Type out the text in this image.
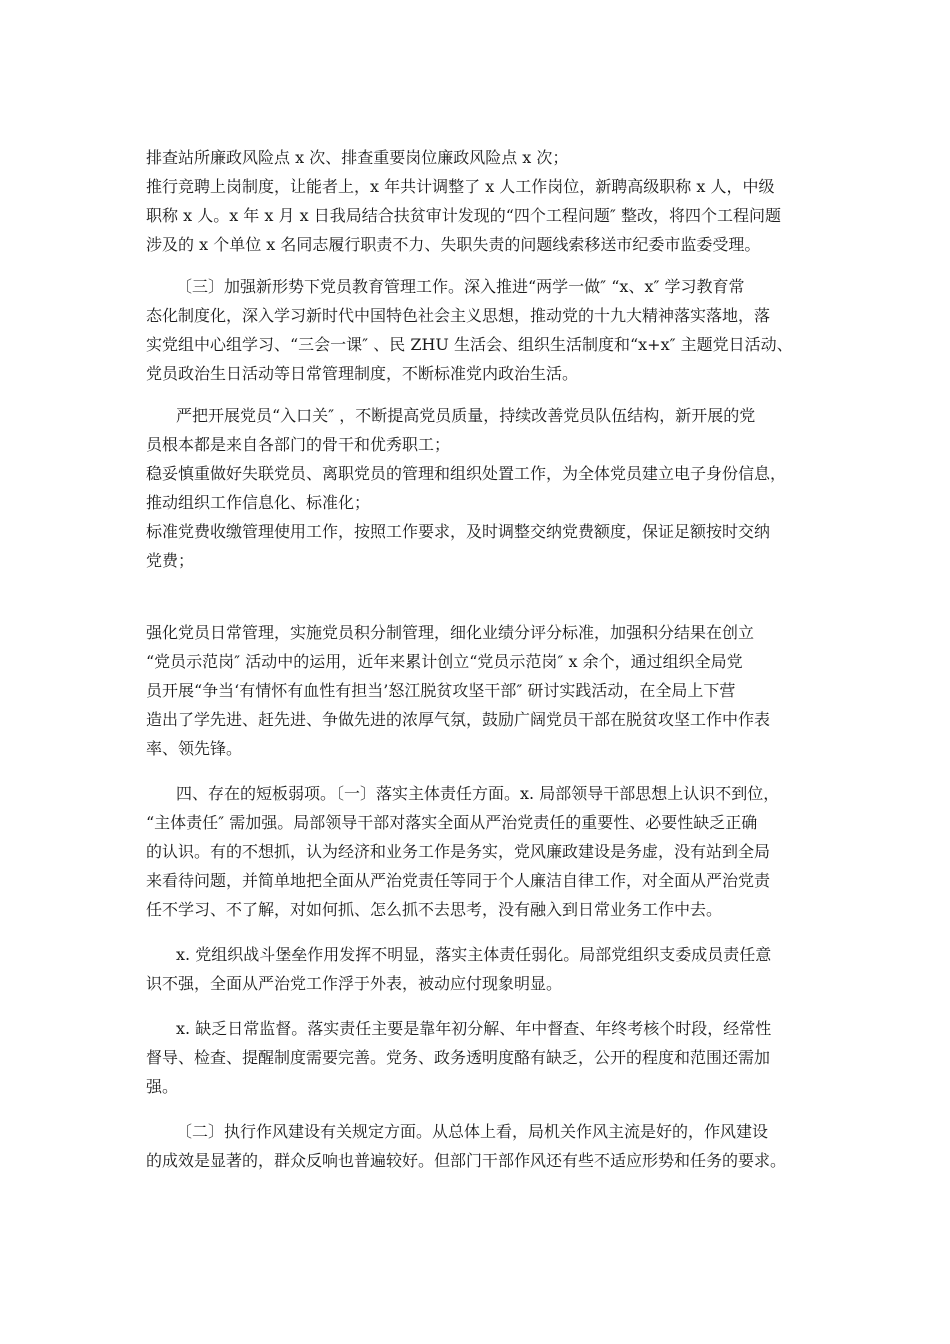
排查站所廉政风险点 x 次、排查重要岗位廉政风险点 x 次；

推行竞聘上岗制度，让能者上，x 年共计调整了 x 人工作岗位，新聘高级职称 x 人，中级

职称 x 人。x 年 x 月 x 日我局结合扶贫审计发现的“四个工程问题″ 整改，将四个工程问题

涉及的 x 个单位 x 名同志履行职责不力、失职失责的问题线索移送市纪委市监委受理。

〔三〕加强新形势下党员教育管理工作。深入推进“两学一做″ “x、x″ 学习教育常

态化制度化，深入学习新时代中国特色社会主义思想，推动党的十九大精神落实落地，落

实党组中心组学习、“三会一课″ 、民 ZHU 生活会、组织生活制度和“x+x″ 主题党日活动、

党员政治生日活动等日常管理制度，不断标准党内政治生活。

严把开展党员“入口关″ ，不断提高党员质量，持续改善党员队伍结构，新开展的党

员根本都是来自各部门的骨干和优秀职工；

稳妥慎重做好失联党员、离职党员的管理和组织处置工作，为全体党员建立电子身份信息，

推动组织工作信息化、标准化；

标准党费收缴管理使用工作，按照工作要求，及时调整交纳党费额度，保证足额按时交纳

党费；

强化党员日常管理，实施党员积分制管理，细化业绩分评分标准，加强积分结果在创立

“党员示范岗″ 活动中的运用，近年来累计创立“党员示范岗″ x 余个，通过组织全局党

员开展“争当‘有情怀有血性有担当’怒江脱贫攻坚干部″ 研讨实践活动，在全局上下营

造出了学先进、赶先进、争做先进的浓厚气氛，鼓励广阔党员干部在脱贫攻坚工作中作表

率、领先锋。

四、存在的短板弱项。〔一〕落实主体责任方面。x. 局部领导干部思想上认识不到位，

“主体责任″ 需加强。局部领导干部对落实全面从严治党责任的重要性、必要性缺乏正确

的认识。有的不想抓，认为经济和业务工作是务实，党风廉政建设是务虚，没有站到全局

来看待问题，并简单地把全面从严治党责任等同于个人廉洁自律工作，对全面从严治党责

任不学习、不了解，对如何抓、怎么抓不去思考，没有融入到日常业务工作中去。

x. 党组织战斗堡垒作用发挥不明显，落实主体责任弱化。局部党组织支委成员责任意

识不强，全面从严治党工作浮于外表，被动应付现象明显。

x. 缺乏日常监督。落实责任主要是靠年初分解、年中督查、年终考核个时段，经常性

督导、检查、提醒制度需要完善。党务、政务透明度酪有缺乏，公开的程度和范围还需加

强。

〔二〕执行作风建设有关规定方面。从总体上看，局机关作风主流是好的，作风建设

的成效是显著的，群众反响也普遍较好。但部门干部作风还有些不适应形势和任务的要求。
